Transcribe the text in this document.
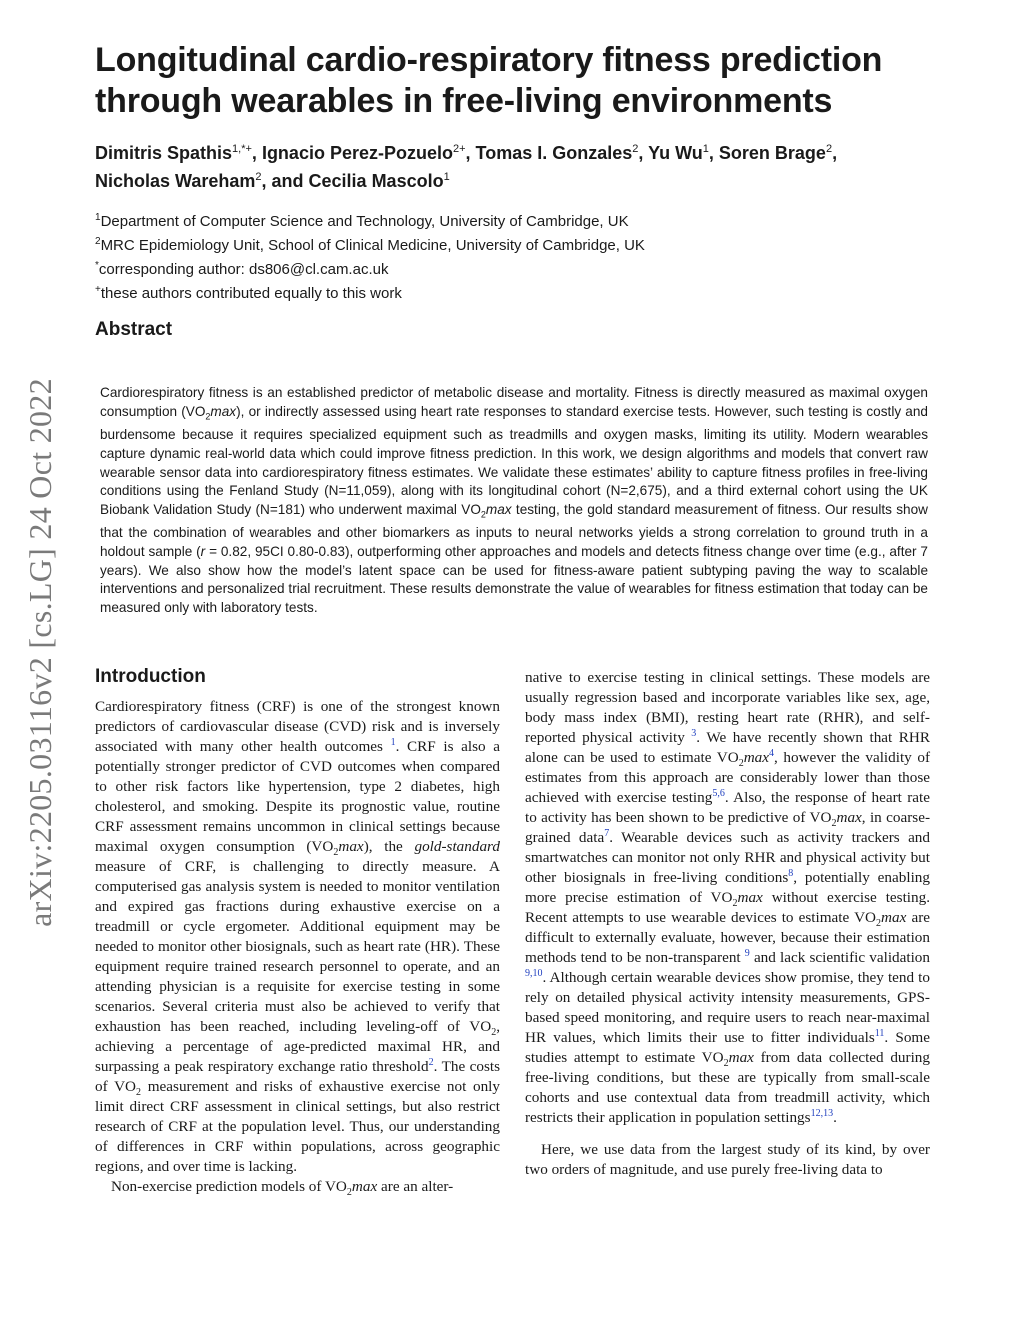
arXiv:2205.03116v2 [cs.LG] 24 Oct 2022
Longitudinal cardio-respiratory fitness prediction through wearables in free-living environments

Dimitris Spathis$^{1,*+}$, Ignacio Perez-Pozuelo$^{2+}$, Tomas I. Gonzales$^2$, Yu Wu$^1$, Soren Brage$^2$,
Nicholas Wareham$^2$, and Cecilia Mascolo$^1$

$^1$Department of Computer Science and Technology, University of Cambridge, UK
$^2$MRC Epidemiology Unit, School of Clinical Medicine, University of Cambridge, UK
*corresponding author: ds806@cl.cam.ac.uk
+these authors contributed equally to this work
Abstract

Cardiorespiratory fitness is an established predictor of metabolic disease and mortality. Fitness is directly measured as maximal oxygen consumption $(VO_2\max)$, or indirectly assessed using heart rate responses to standard exercise tests. However, such testing is costly and burdensome because it requires specialized equipment such as treadmills and oxygen masks, limiting its utility. Modern wearables capture dynamic real-world data which could improve fitness prediction. In this work, we design algorithms and models that convert raw wearable sensor data into cardiorespiratory fitness estimates. We validate these estimates’ ability to capture fitness profiles in free-living conditions using the Fenland Study (N=11,059), along with its longitudinal cohort (N=2,675), and a third external cohort using the UK Biobank Validation Study (N=181) who underwent maximal $VO_2\max$ testing, the gold standard measurement of fitness. Our results show that the combination of wearables and other biomarkers as inputs to neural networks yields a strong correlation to ground truth in a holdout sample (r = 0.82, 95CI 0.80-0.83), outperforming other approaches and models and detects fitness change over time (e.g., after 7 years). We also show how the model’s latent space can be used for fitness-aware patient subtyping paving the way to scalable interventions and personalized trial recruitment. These results demonstrate the value of wearables for fitness estimation that today can be measured only with laboratory tests.

Introduction

Cardiorespiratory fitness (CRF) is one of the strongest known predictors of cardiovascular disease (CVD) risk and is inversely associated with many other health outcomes $^1$. CRF is also a potentially stronger predictor of CVD outcomes when compared to other risk factors like hypertension, type 2 diabetes, high cholesterol, and smoking. Despite its prognostic value, routine CRF assessment remains uncommon in clinical settings because maximal oxygen consumption $(VO_2\max)$, the gold-standard measure of CRF, is challenging to directly measure. A computerised gas analysis system is needed to monitor ventilation and expired gas fractions during exhaustive exercise on a treadmill or cycle ergometer. Additional equipment may be needed to monitor other biosignals, such as heart rate (HR). These equipment require trained research personnel to operate, and an attending physician is a requisite for exercise testing in some scenarios. Several criteria must also be achieved to verify that exhaustion has been reached, including leveling-off of $VO_2$, achieving a percentage of age-predicted maximal HR, and surpassing a peak respiratory exchange ratio threshold$^2$. The costs of $VO_2$ measurement and risks of exhaustive exercise not only limit direct CRF assessment in clinical settings, but also restrict research of CRF at the population level. Thus, our understanding of differences in CRF within populations, across geographic regions, and over time is lacking.

Non-exercise prediction models of $VO_2\max$ are an alter-

native to exercise testing in clinical settings. These models are usually regression based and incorporate variables like sex, age, body mass index (BMI), resting heart rate (RHR), and self-reported physical activity $^3$. We have recently shown that RHR alone can be used to estimate $VO_2\max^4$, however the validity of estimates from this approach are considerably lower than those achieved with exercise testing$^{5,6}$. Also, the response of heart rate to activity has been shown to be predictive of $VO_2\max$, in coarse-grained data$^7$. Wearable devices such as activity trackers and smartwatches can monitor not only RHR and physical activity but other biosignals in free-living conditions$^8$, potentially enabling more precise estimation of $VO_2\max$ without exercise testing. Recent attempts to use wearable devices to estimate $VO_2\max$ are difficult to externally evaluate, however, because their estimation methods tend to be non-transparent $^9$ and lack scientific validation $^{9,10}$. Although certain wearable devices show promise, they tend to rely on detailed physical activity intensity measurements, GPS-based speed monitoring, and require users to reach near-maximal HR values, which limits their use to fitter individuals$^{11}$. Some studies attempt to estimate $VO_2\max$ from data collected during free-living conditions, but these are typically from small-scale cohorts and use contextual data from treadmill activity, which restricts their application in population settings$^{12,13}$.

Here, we use data from the largest study of its kind, by over two orders of magnitude, and use purely free-living data to
